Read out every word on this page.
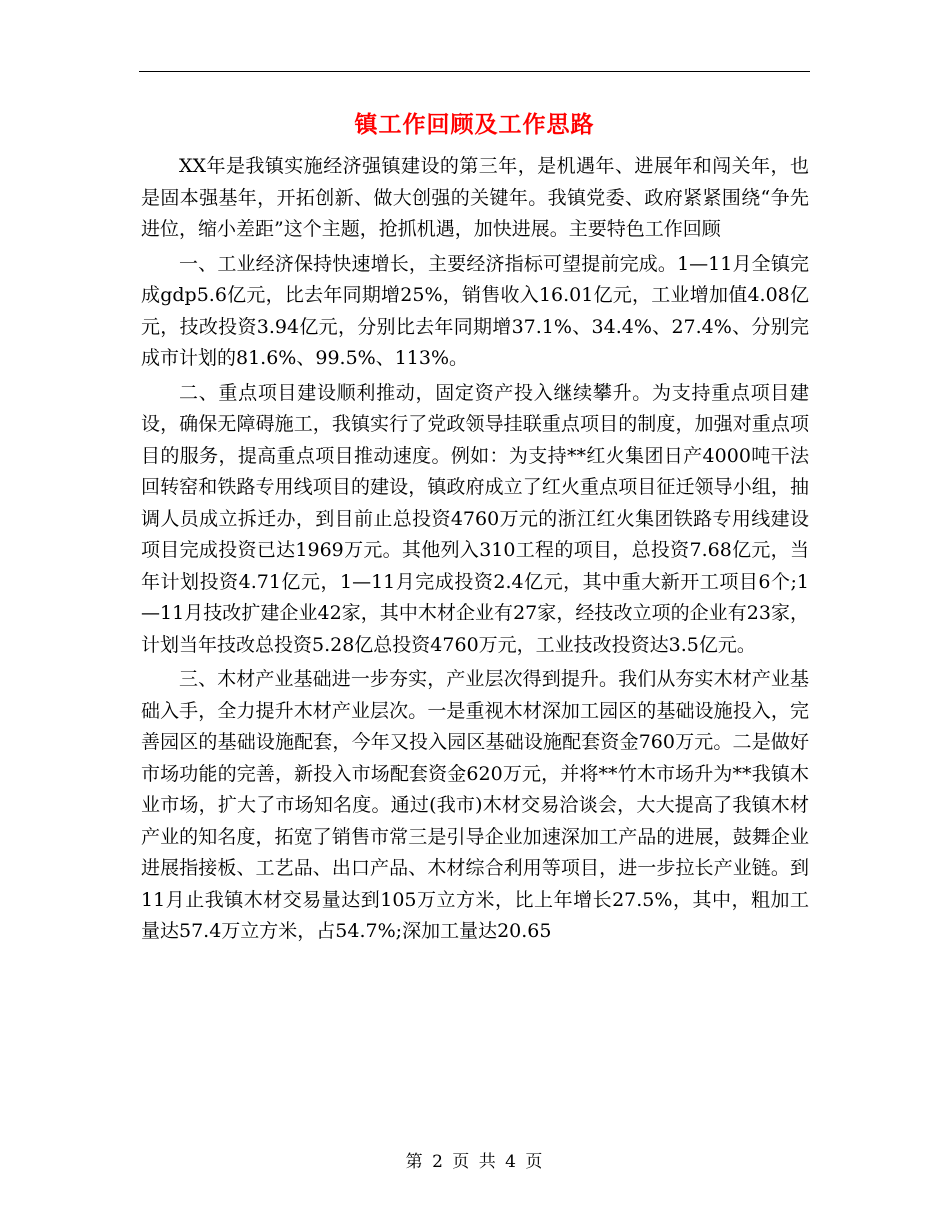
镇工作回顾及工作思路

XX年是我镇实施经济强镇建设的第三年，是机遇年、进展年和闯关年，也是固本强基年，开拓创新、做大创强的关键年。我镇党委、政府紧紧围绕“争先进位，缩小差距”这个主题，抢抓机遇，加快进展。主要特色工作回顾

一、工业经济保持快速增长，主要经济指标可望提前完成。1—11月全镇完成gdp5.6亿元，比去年同期增25%，销售收入16.01亿元，工业增加值4.08亿元，技改投资3.94亿元，分别比去年同期增37.1%、34.4%、27.4%、分别完成市计划的81.6%、99.5%、113%。

二、重点项目建设顺利推动，固定资产投入继续攀升。为支持重点项目建设，确保无障碍施工，我镇实行了党政领导挂联重点项目的制度，加强对重点项目的服务，提高重点项目推动速度。例如：为支持**红火集团日产4000吨干法回转窑和铁路专用线项目的建设，镇政府成立了红火重点项目征迁领导小组，抽调人员成立拆迁办，到目前止总投资4760万元的浙江红火集团铁路专用线建设项目完成投资已达1969万元。其他列入310工程的项目，总投资7.68亿元，当年计划投资4.71亿元，1—11月完成投资2.4亿元，其中重大新开工项目6个;1—11月技改扩建企业42家，其中木材企业有27家，经技改立项的企业有23家，计划当年技改总投资5.28亿总投资4760万元，工业技改投资达3.5亿元。

三、木材产业基础进一步夯实，产业层次得到提升。我们从夯实木材产业基础入手，全力提升木材产业层次。一是重视木材深加工园区的基础设施投入，完善园区的基础设施配套，今年又投入园区基础设施配套资金760万元。二是做好市场功能的完善，新投入市场配套资金620万元，并将**竹木市场升为**我镇木业市场，扩大了市场知名度。通过(我市)木材交易洽谈会，大大提高了我镇木材产业的知名度，拓宽了销售市常三是引导企业加速深加工产品的进展，鼓舞企业进展指接板、工艺品、出口产品、木材综合利用等项目，进一步拉长产业链。到11月止我镇木材交易量达到105万立方米，比上年增长27.5%，其中，粗加工量达57.4万立方米，占54.7%;深加工量达20.65

第 2 页 共 4 页
